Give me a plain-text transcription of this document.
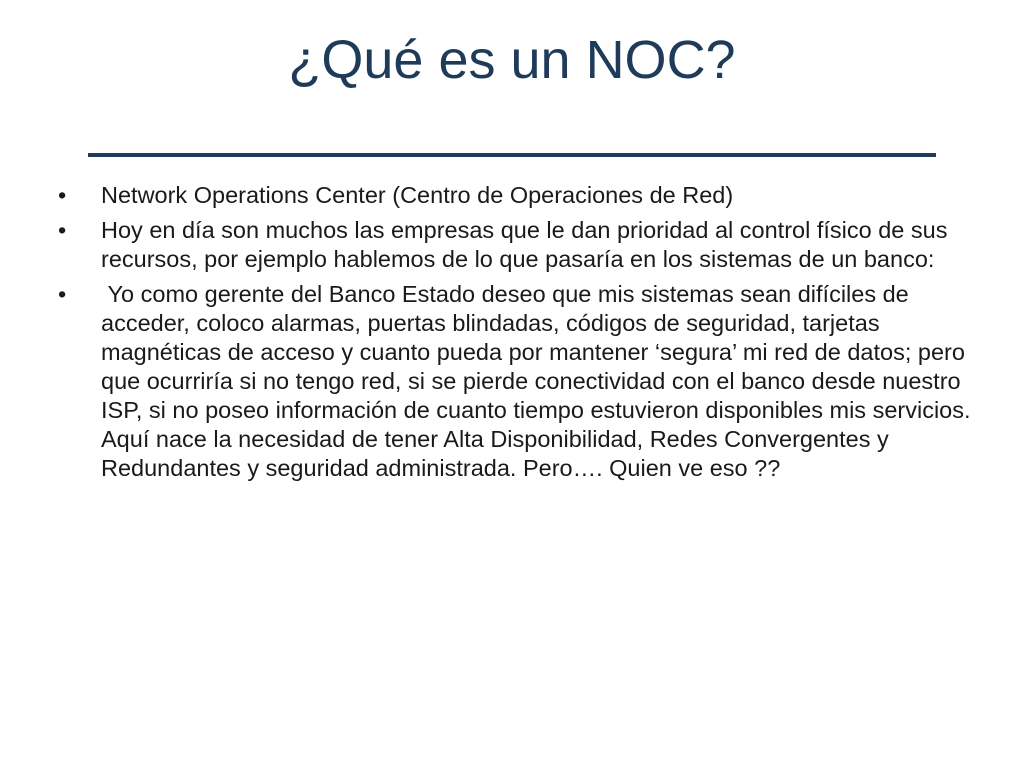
¿Qué es un NOC?
•	Network Operations Center (Centro de Operaciones de Red)
•	Hoy en día son muchos las empresas que le dan prioridad al control físico de sus recursos, por ejemplo hablemos de lo que pasaría en los sistemas de un banco:
•	Yo como gerente del Banco Estado deseo que mis sistemas sean difíciles de acceder, coloco alarmas, puertas blindadas, códigos de seguridad, tarjetas magnéticas de acceso y cuanto pueda por mantener ‘segura’ mi red de datos; pero que ocurriría si no tengo red, si se pierde conectividad con el banco desde nuestro ISP, si no poseo información de cuanto tiempo estuvieron disponibles mis servicios. Aquí nace la necesidad de tener Alta Disponibilidad, Redes Convergentes y Redundantes y seguridad administrada. Pero…. Quien ve eso ??
